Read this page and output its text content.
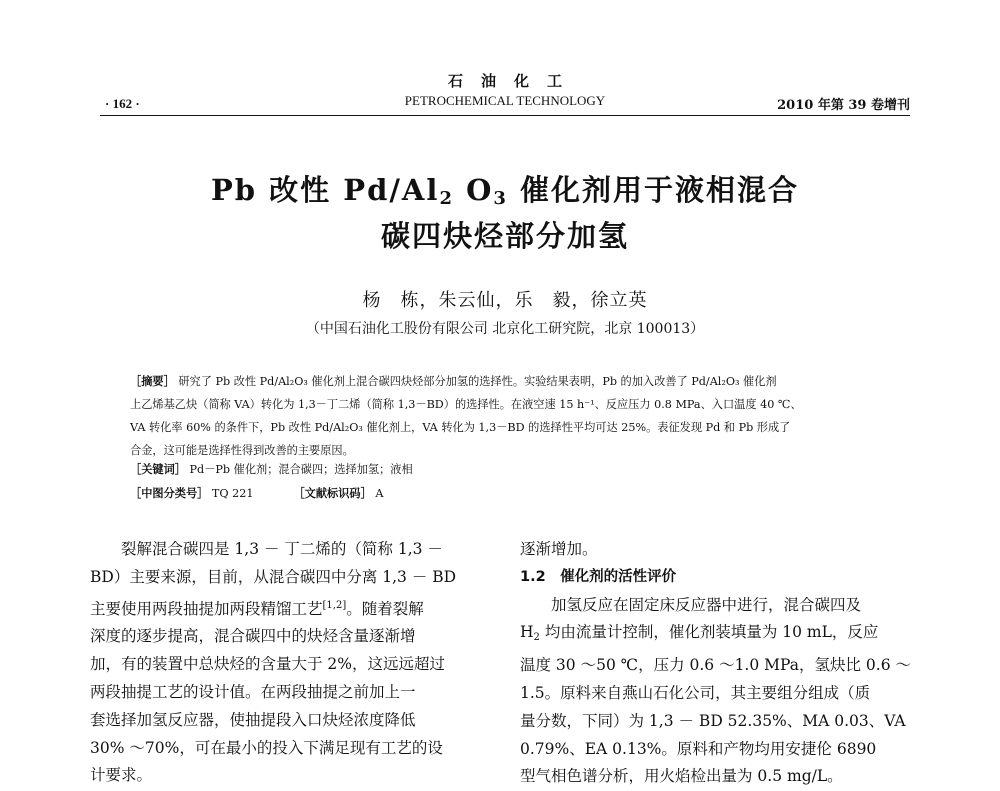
石油化工
· 162 ·	PETROCHEMICAL TECHNOLOGY	2010 年第 39 卷增刊
Pb 改性 $Pd/Al_2$ $O_3$ 催化剂用于液相混合
碳四炔烃部分加氢
杨　栋，朱云仙，乐　毅，徐立英
（中国石油化工股份有限公司 北京化工研究院，北京 100013）
［摘要］ 研究了 Pb 改性 Pd/Al₂O₃ 催化剂上混合碳四炔烃部分加氢的选择性。实验结果表明，Pb 的加入改善了 Pd/Al₂O₃ 催化剂
上乙烯基乙炔（简称 VA）转化为 1,3－丁二烯（简称 1,3－BD）的选择性。在液空速 15 h⁻¹、反应压力 0.8 MPa、入口温度 40 ℃、
VA 转化率 60% 的条件下，Pb 改性 Pd/Al₂O₃ 催化剂上，VA 转化为 1,3－BD 的选择性平均可达 25%。表征发现 Pd 和 Pb 形成了
合金，这可能是选择性得到改善的主要原因。
［关键词］ Pd－Pb 催化剂；混合碳四；选择加氢；液相
［中图分类号］ TQ 221	［文献标识码］ A
裂解混合碳四是 1,3 － 丁二烯的（简称 1,3 －
BD）主要来源，目前，从混合碳四中分离 1,3 － BD
主要使用两段抽提加两段精馏工艺[1,2]。随着裂解
深度的逐步提高，混合碳四中的炔烃含量逐渐增
加，有的装置中总炔烃的含量大于 2%，这远远超过
两段抽提工艺的设计值。在两段抽提之前加上一
套选择加氢反应器，使抽提段入口炔烃浓度降低
30% ～70%，可在最小的投入下满足现有工艺的设
计要求。
逐渐增加。
1.2　催化剂的活性评价
加氢反应在固定床反应器中进行，混合碳四及
$H_2$ 均由流量计控制，催化剂装填量为 10 mL，反应
温度 30 ～50 ℃，压力 0.6 ～1.0 MPa，氢炔比 0.6 ～
1.5。原料来自燕山石化公司，其主要组分组成（质
量分数，下同）为 1,3 － BD 52.35%、MA 0.03、VA
0.79%、EA 0.13%。原料和产物均用安捷伦 6890
型气相色谱分析，用火焰检出量为 0.5 mg/L。
